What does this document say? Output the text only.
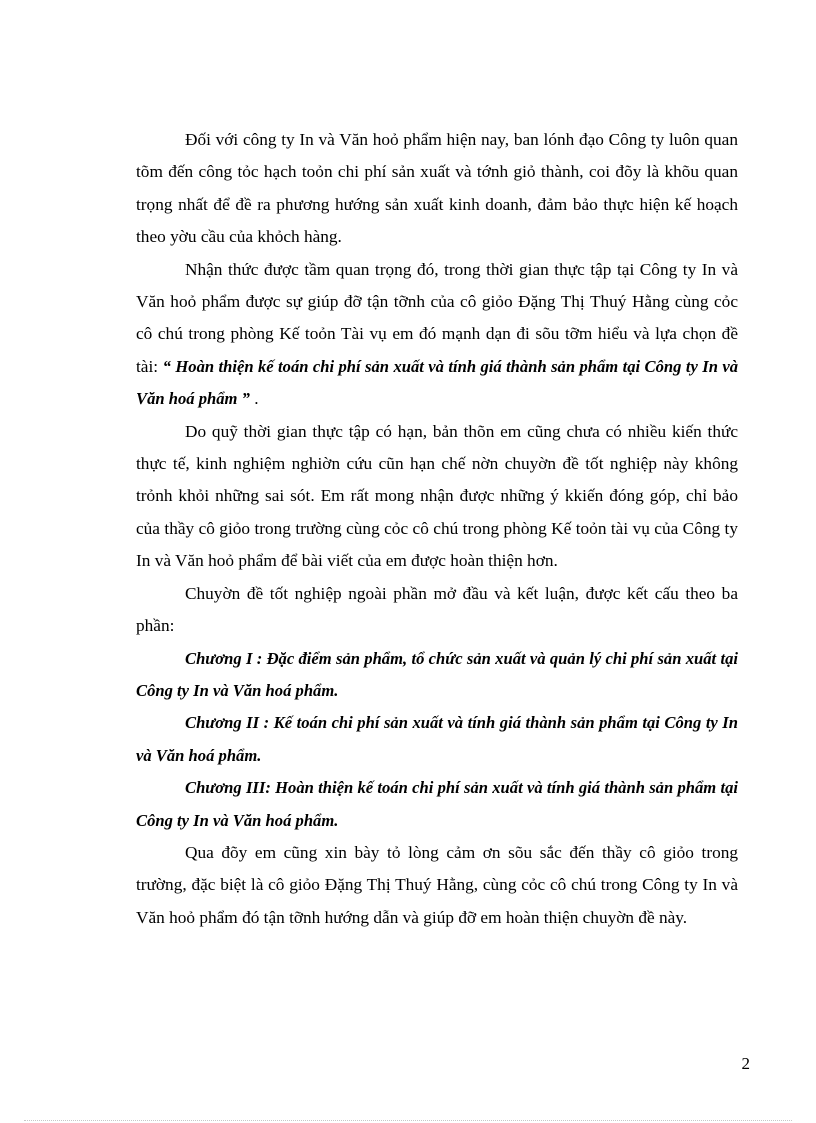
Đối với công ty In và Văn hoỏ phẩm hiện nay, ban lónh đạo Công ty luôn quan tõm đến công tỏc hạch toỏn chi phí sản xuất và tớnh giỏ thành, coi đõy là khõu quan trọng nhất để đề ra phương hướng sản xuất kinh doanh, đảm bảo thực hiện kế hoạch theo yờu cầu của khỏch hàng.

Nhận thức được tầm quan trọng đó, trong thời gian thực tập tại Công ty In và Văn hoỏ phẩm được sự giúp đỡ tận tỡnh của cô giỏo Đặng Thị Thuý Hằng cùng cỏc cô chú trong phòng Kế toỏn Tài vụ em đó mạnh dạn đi sõu tỡm hiểu và lựa chọn đề tài: “ Hoàn thiện kế toán chi phí sản xuất và tính giá thành sản phẩm tại Công ty In và Văn hoá phẩm ” .

Do quỹ thời gian thực tập có hạn, bản thõn em cũng chưa có nhiều kiến thức thực tế, kinh nghiệm nghiờn cứu cũn hạn chế nờn chuyờn đề tốt nghiệp này không trỏnh khỏi những sai sót. Em rất mong nhận được những ý kkiến đóng góp, chỉ bảo của thầy cô giỏo trong trường cùng cỏc cô chú trong phòng Kế toỏn tài vụ của Công ty In và Văn hoỏ phẩm để bài viết của em được hoàn thiện hơn.

Chuyờn đề tốt nghiệp ngoài phần mở đầu và kết luận, được kết cấu theo ba phần:

Chương I : Đặc điểm sản phẩm, tổ chức sản xuất và quản lý chi phí sản xuất tại Công ty In và Văn hoá phẩm.

Chương II : Kế toán chi phí sản xuất và tính giá thành sản phẩm tại Công ty In và Văn hoá phẩm.

Chương III: Hoàn thiện kế toán chi phí sản xuất và tính giá thành sản phẩm tại Công ty In và Văn hoá phẩm.

Qua đõy em cũng xin bày tỏ lòng cảm ơn sõu sắc đến thầy cô giỏo trong trường, đặc biệt là cô giỏo Đặng Thị Thuý Hằng, cùng cỏc cô chú trong Công ty In và Văn hoỏ phẩm đó tận tỡnh hướng dẫn và giúp đỡ em hoàn thiện chuyờn đề này.

2
